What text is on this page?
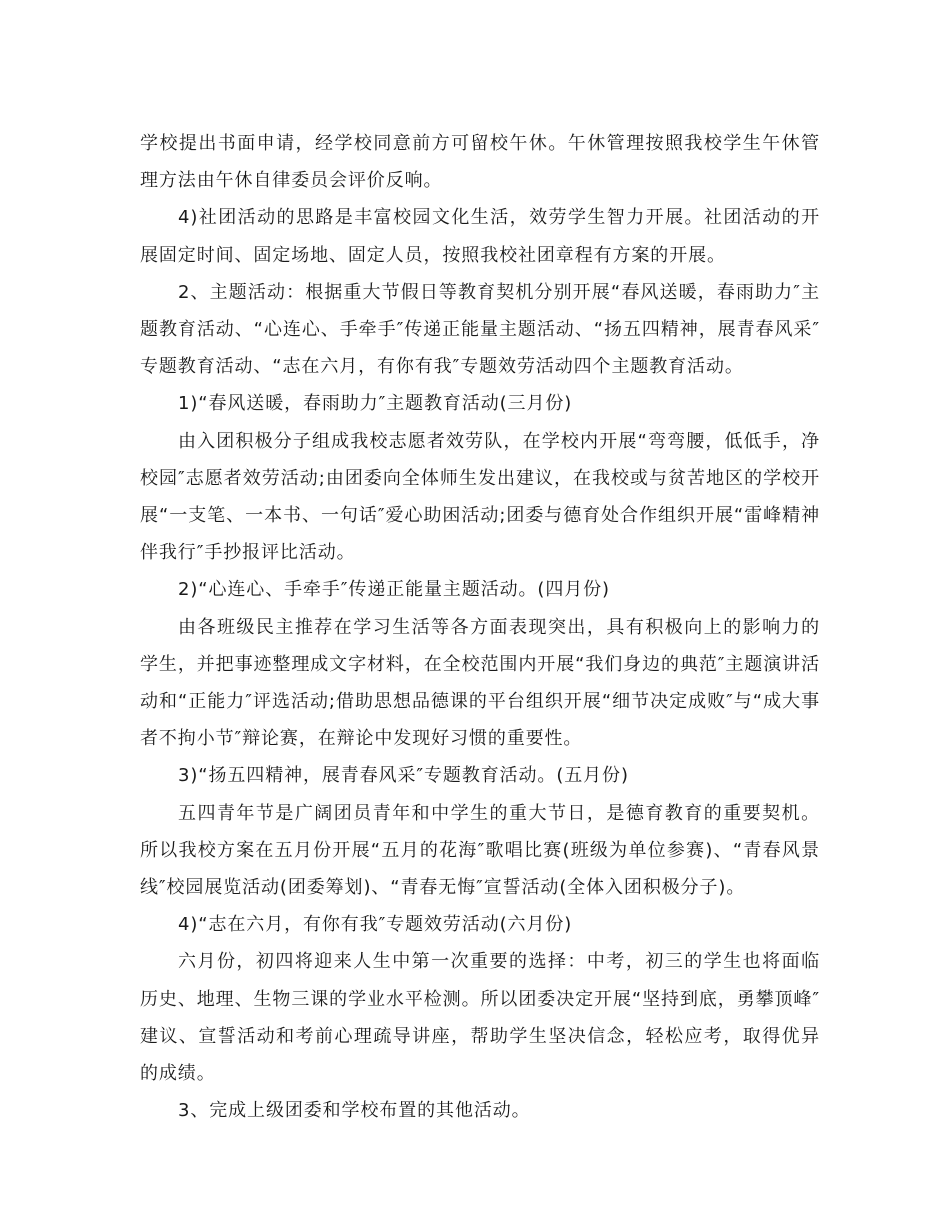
学校提出书面申请，经学校同意前方可留校午休。午休管理按照我校学生午休管理方法由午休自律委员会评价反响。

4)社团活动的思路是丰富校园文化生活，效劳学生智力开展。社团活动的开展固定时间、固定场地、固定人员，按照我校社团章程有方案的开展。

2、主题活动：根据重大节假日等教育契机分别开展“春风送暖，春雨助力″主题教育活动、“心连心、手牵手″传递正能量主题活动、“扬五四精神，展青春风采″专题教育活动、“志在六月，有你有我″专题效劳活动四个主题教育活动。

1)“春风送暖，春雨助力″主题教育活动(三月份)

由入团积极分子组成我校志愿者效劳队，在学校内开展“弯弯腰，低低手，净校园″志愿者效劳活动;由团委向全体师生发出建议，在我校或与贫苦地区的学校开展“一支笔、一本书、一句话″爱心助困活动;团委与德育处合作组织开展“雷峰精神伴我行″手抄报评比活动。

2)“心连心、手牵手″传递正能量主题活动。(四月份)

由各班级民主推荐在学习生活等各方面表现突出，具有积极向上的影响力的学生，并把事迹整理成文字材料，在全校范围内开展“我们身边的典范″主题演讲活动和“正能力″评选活动;借助思想品德课的平台组织开展“细节决定成败″与“成大事者不拘小节″辩论赛，在辩论中发现好习惯的重要性。

3)“扬五四精神，展青春风采″专题教育活动。(五月份)

五四青年节是广阔团员青年和中学生的重大节日，是德育教育的重要契机。所以我校方案在五月份开展“五月的花海″歌唱比赛(班级为单位参赛)、“青春风景线″校园展览活动(团委筹划)、“青春无悔″宣誓活动(全体入团积极分子)。

4)“志在六月，有你有我″专题效劳活动(六月份)

六月份，初四将迎来人生中第一次重要的选择：中考，初三的学生也将面临历史、地理、生物三课的学业水平检测。所以团委决定开展“坚持到底，勇攀顶峰″建议、宣誓活动和考前心理疏导讲座，帮助学生坚决信念，轻松应考，取得优异的成绩。

3、完成上级团委和学校布置的其他活动。
